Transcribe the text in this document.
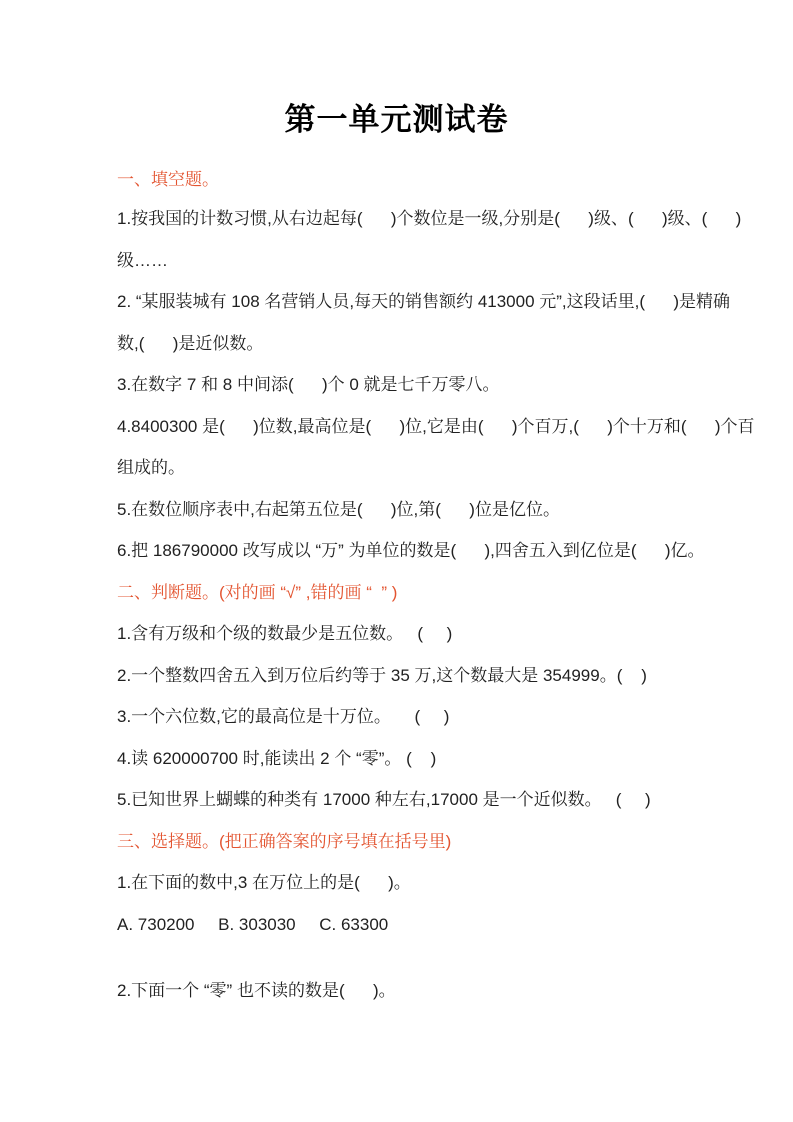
第一单元测试卷
一、填空题。
1.按我国的计数习惯,从右边起每(      )个数位是一级,分别是(      )级、(      )级、(      )
级……
2. “某服装城有 108 名营销人员,每天的销售额约 413000 元”,这段话里,(      )是精确
数,(      )是近似数。
3.在数字 7 和 8 中间添(      )个 0 就是七千万零八。
4.8400300 是(      )位数,最高位是(      )位,它是由(      )个百万,(      )个十万和(      )个百
组成的。
5.在数位顺序表中,右起第五位是(      )位,第(      )位是亿位。
6.把 186790000 改写成以 “万” 为单位的数是(      ),四舍五入到亿位是(      )亿。
二、判断题。(对的画 “√” ,错的画 “  ” )
1.含有万级和个级的数最少是五位数。   (     )
2.一个整数四舍五入到万位后约等于 35 万,这个数最大是 354999。(    )
3.一个六位数,它的最高位是十万位。     (     )
4.读 620000700 时,能读出 2 个 “零”。 (    )
5.已知世界上蝴蝶的种类有 17000 种左右,17000 是一个近似数。   (     )
三、选择题。(把正确答案的序号填在括号里)
1.在下面的数中,3 在万位上的是(      )。
A. 730200     B. 303030     C. 63300
2.下面一个 “零” 也不读的数是(      )。
